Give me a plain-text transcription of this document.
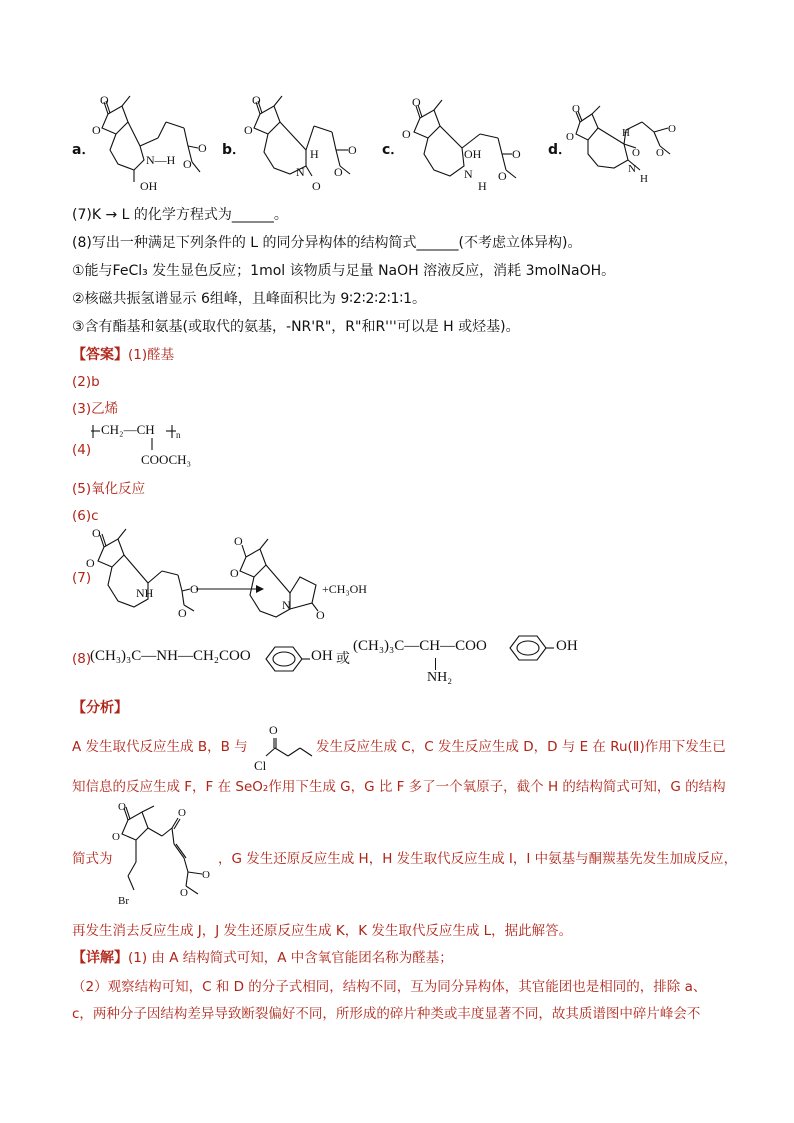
a．
O
O
N—H
O
O
OH
b．
O
O
H
N
O
O
O
c．
O
O
OH
N
H
O
O
d．
O
O	H
O
N
H
O
O
(7)K → L 的化学方程式为______。
(8)写出一种满足下列条件的 L 的同分异构体的结构简式______(不考虑立体异构)。
①能与FeCl₃ 发生显色反应；1mol 该物质与足量 NaOH 溶液反应，消耗 3molNaOH。
②核磁共振氢谱显示 6组峰，且峰面积比为 9∶2∶2∶2∶1∶1。
③含有酯基和氨基(或取代的氨基，-NR'R"，R"和R'''可以是 H 或烃基)。
【答案】(1)醛基
(2)b
(3)乙烯
(4)
CH₂—CH n
COOCH₃
(5)氧化反应
(6)c
(7)
O
O
NH	O
O
O
O
N
O
+CH₃OH
(8)
(CH₃)₃C—NH—CH₂COO	OH 或
(CH₃)₃C—CH—COO
NH₂
OH
【分析】
A 发生取代反应生成 B，B 与
O
Cl
发生反应生成 C，C 发生反应生成 D，D 与 E 在 Ru(Ⅱ)作用下发生已
知信息的反应生成 F，F 在 SeO₂作用下生成 G，G 比 F 多了一个氧原子，截个 H 的结构简式可知，G 的结构
简式为
O
O
O
O
O
Br
，G 发生还原反应生成 H，H 发生取代反应生成 I，I 中氨基与酮羰基先发生加成反应，
再发生消去反应生成 J，J 发生还原反应生成 K，K 发生取代反应生成 L，据此解答。
【详解】(1) 由 A 结构简式可知，A 中含氧官能团名称为醛基；
（2）观察结构可知，C 和 D 的分子式相同，结构不同，互为同分异构体，其官能团也是相同的，排除 a、
c，两种分子因结构差异导致断裂偏好不同，所形成的碎片种类或丰度显著不同，故其质谱图中碎片峰会不
